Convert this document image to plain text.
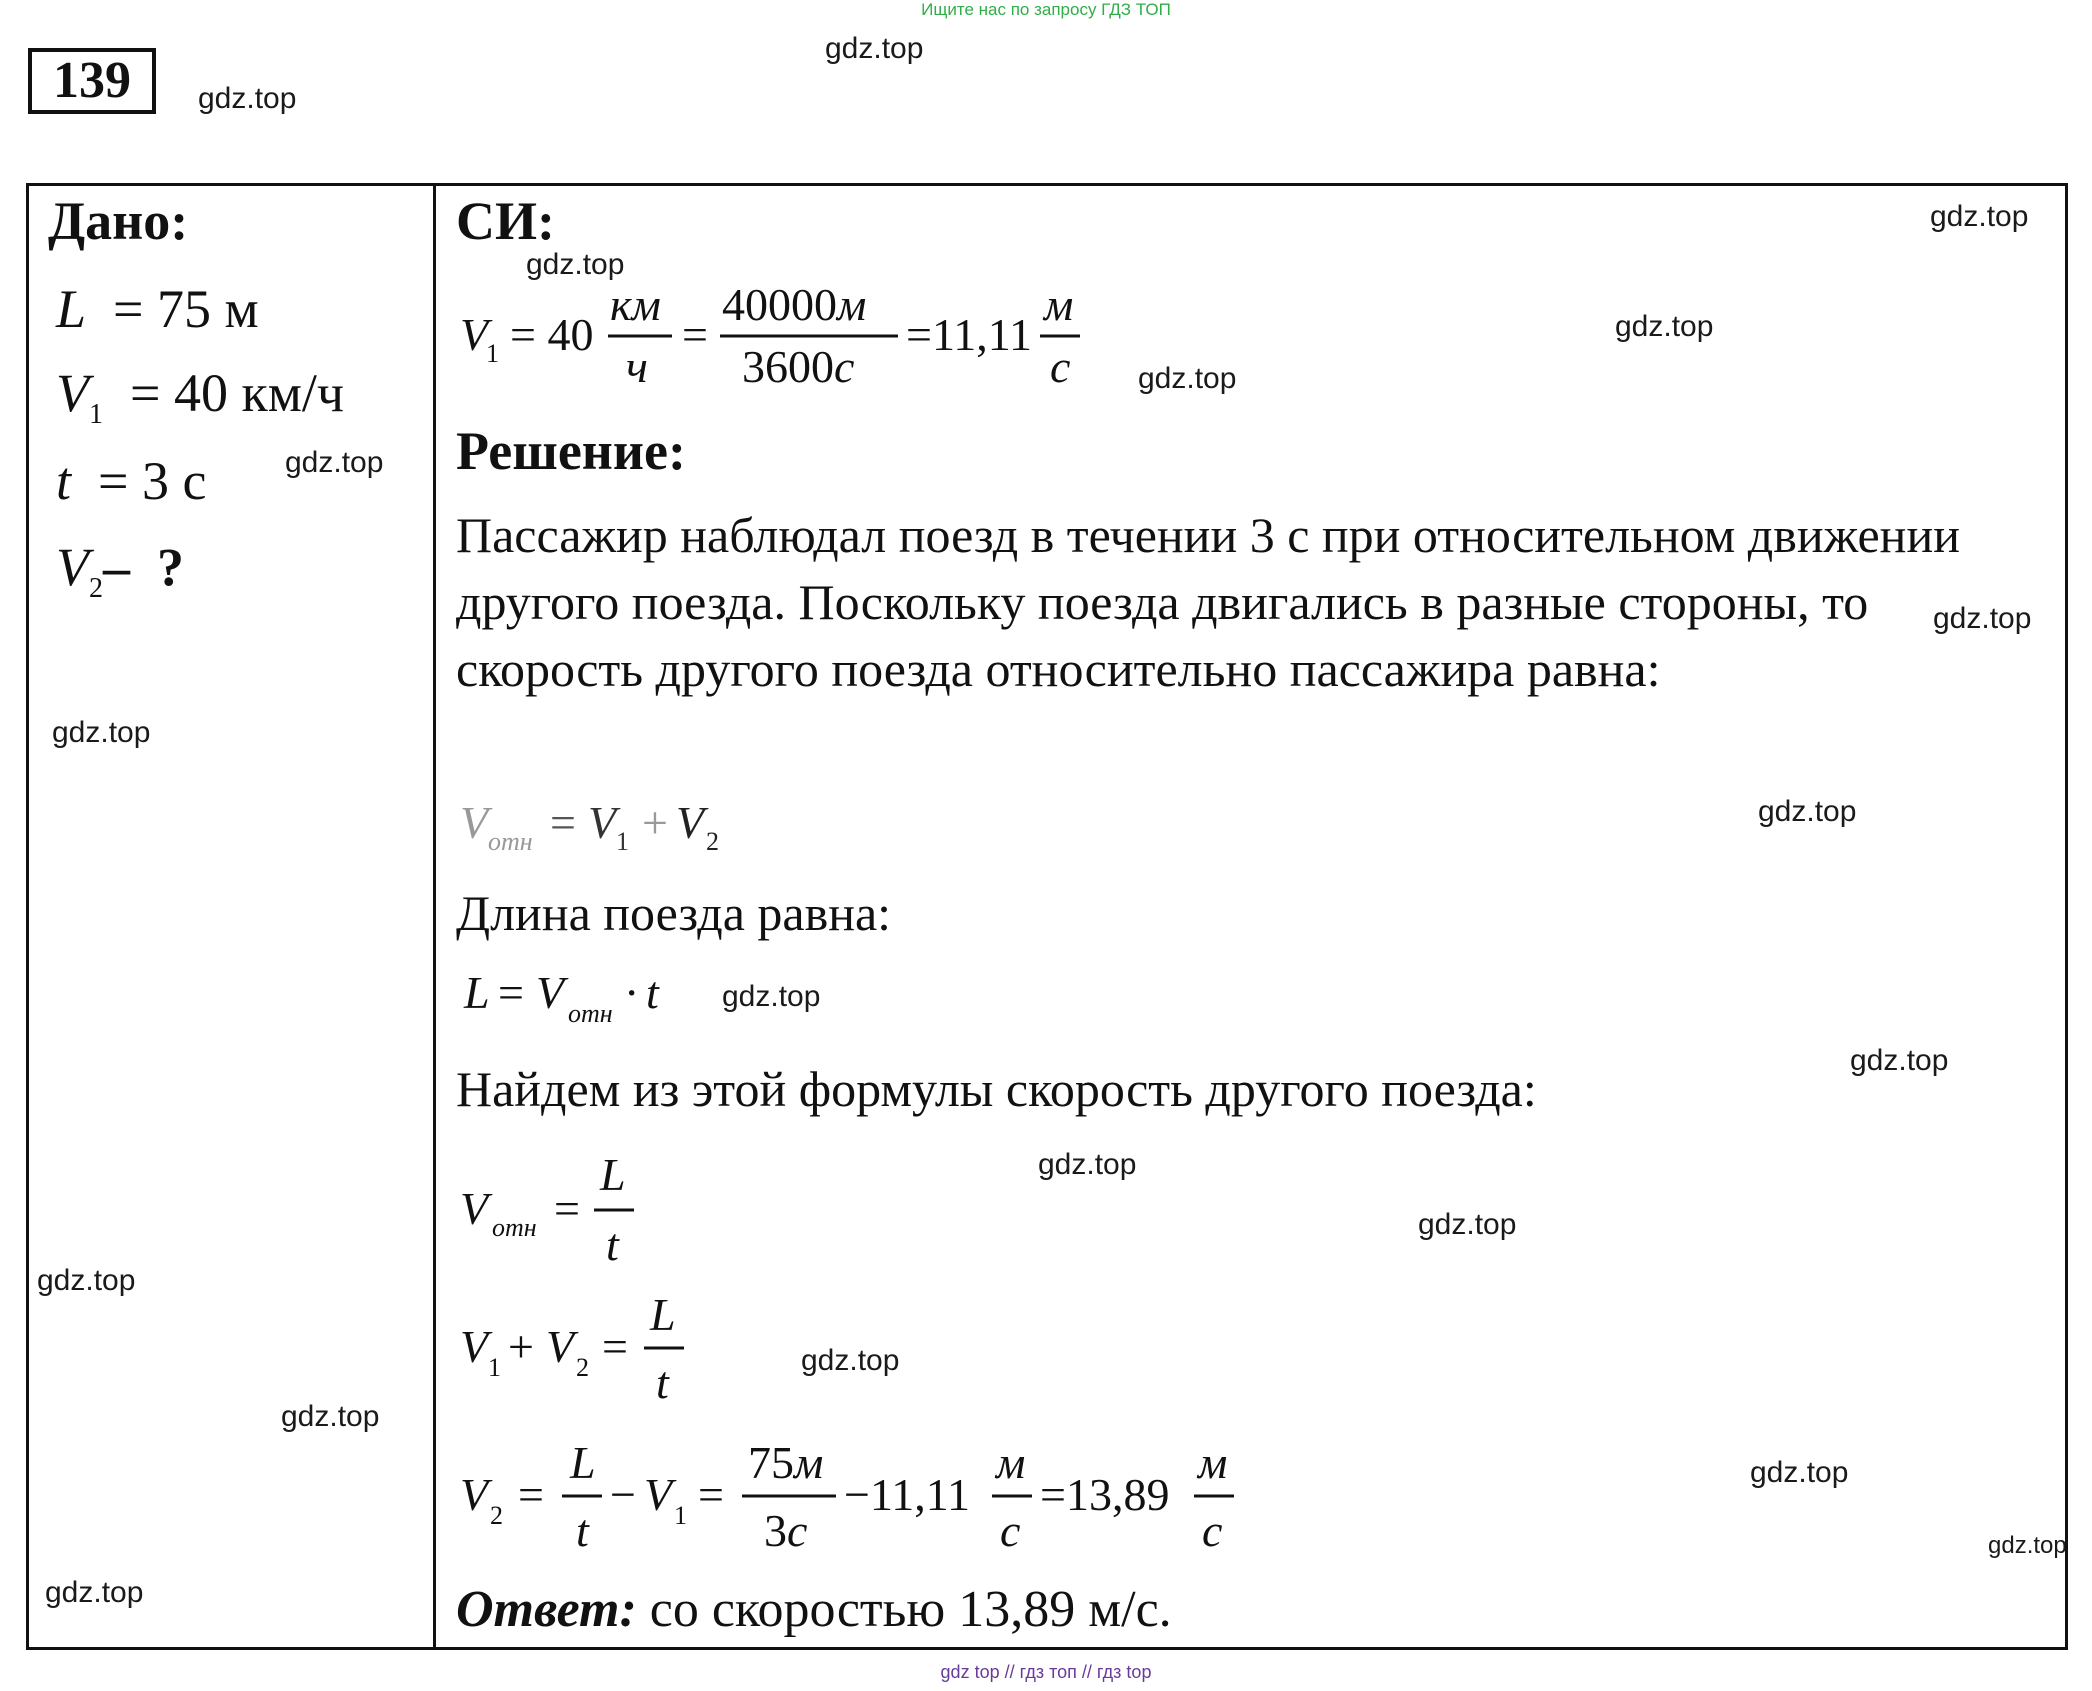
Ищите нас по запросу ГДЗ ТОП
139
gdz.top
gdz.top
gdz.top
gdz.top
gdz.top
gdz.top
gdz.top
gdz.top
gdz.top
gdz.top
gdz.top
gdz.top
gdz.top
gdz.top
gdz.top
gdz.top
gdz.top
gdz.top
gdz.top
gdz.top
Дано:
L  = 75 м
$V_1 = 40$ км/ч
t  = 3 с
$V_2-$  ?
СИ:
V
1 = 40
км
ч
=
40000м
3600с
=11,11
м
с
Решение:
Пассажир наблюдал поезд в течении 3 с при относительном движении другого поезда. Поскольку поезда двигались в разные стороны, то скорость другого поезда относительно пассажира равна:
V отн = V 1 + V 2
Длина поезда равна:
L = V отн · t
Найдем из этой формулы скорость другого поезда:
V отн =
L
t
V 1 + V 2 =
L
t
V 2 =
L
t
− V 1 =
75м
3с
−11,11
м
с
=13,89
м
с
Ответ: со скоростью 13,89 м/с.
gdz top // гдз топ // гдз top
